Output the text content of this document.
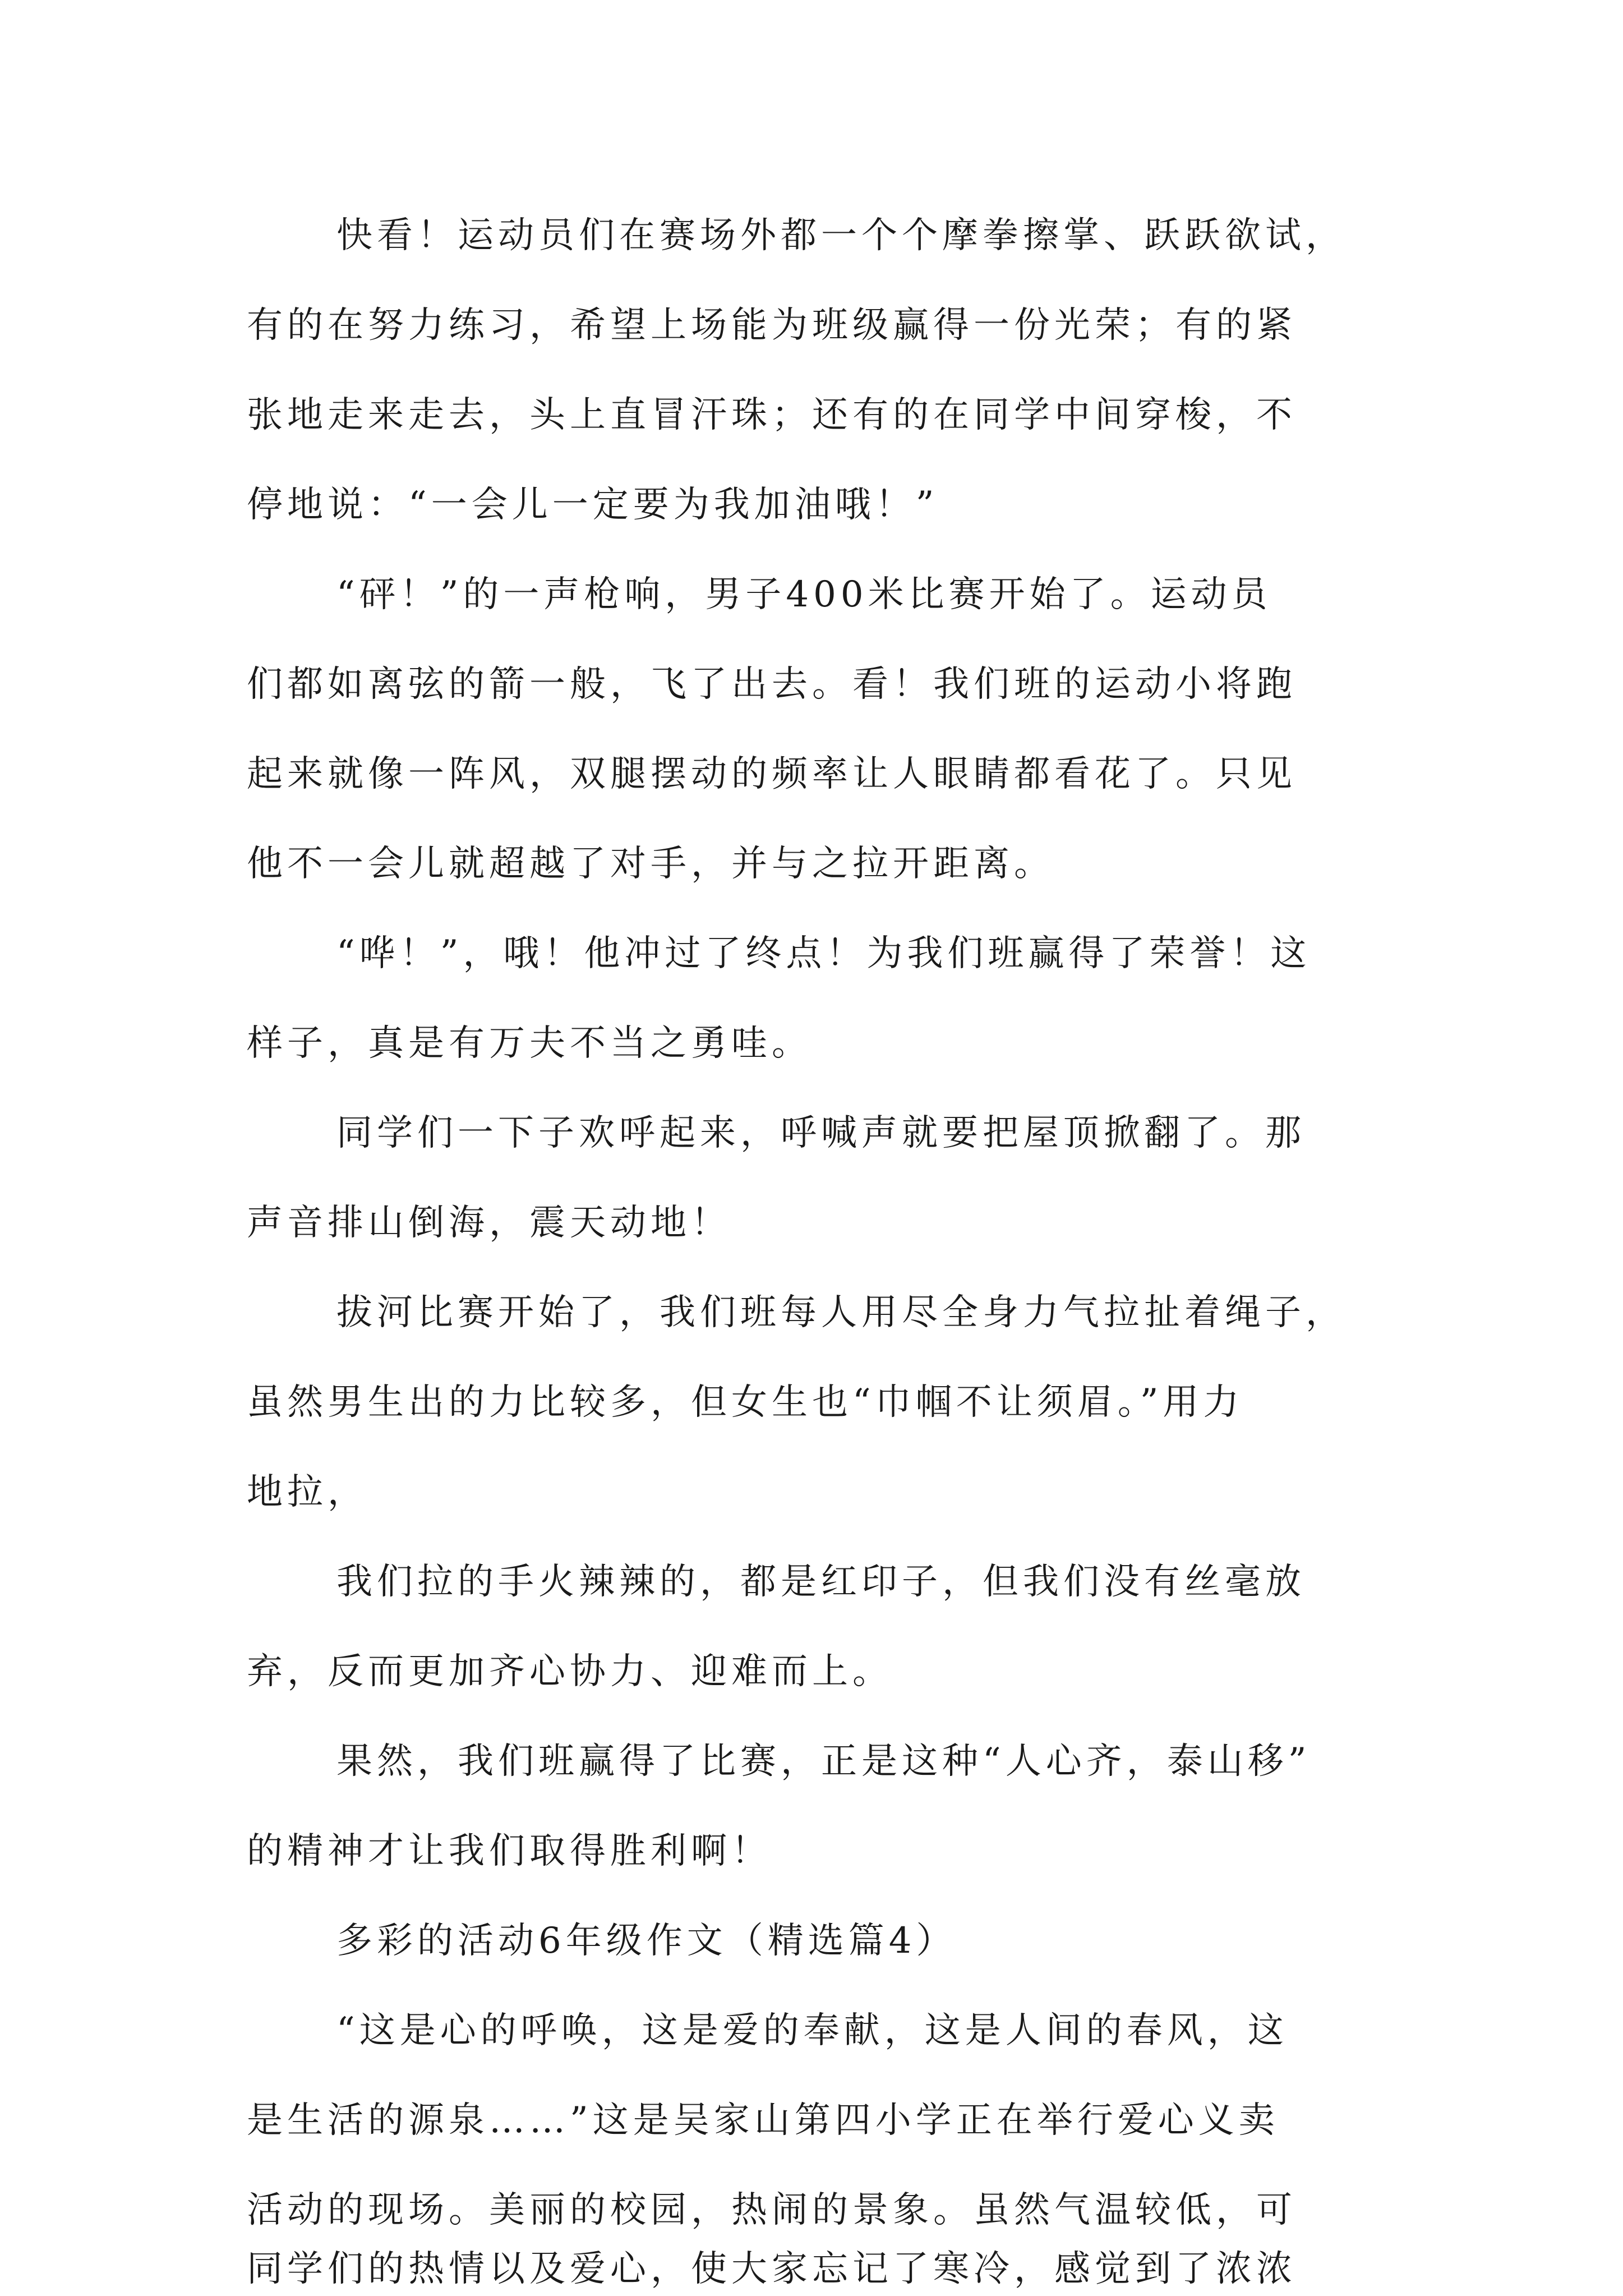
快看！运动员们在赛场外都一个个摩拳擦掌、跃跃欲试，
有的在努力练习，希望上场能为班级赢得一份光荣；有的紧
张地走来走去，头上直冒汗珠；还有的在同学中间穿梭，不
停地说：“一会儿一定要为我加油哦！”
“砰！”的一声枪响，男子400米比赛开始了。运动员
们都如离弦的箭一般，飞了出去。看！我们班的运动小将跑
起来就像一阵风，双腿摆动的频率让人眼睛都看花了。只见
他不一会儿就超越了对手，并与之拉开距离。
“哗！”，哦！他冲过了终点！为我们班赢得了荣誉！这
样子，真是有万夫不当之勇哇。
同学们一下子欢呼起来，呼喊声就要把屋顶掀翻了。那
声音排山倒海，震天动地！
拔河比赛开始了，我们班每人用尽全身力气拉扯着绳子，
虽然男生出的力比较多，但女生也“巾帼不让须眉。”用力
地拉，
我们拉的手火辣辣的，都是红印子，但我们没有丝毫放
弃，反而更加齐心协力、迎难而上。
果然，我们班赢得了比赛，正是这种“人心齐，泰山移”
的精神才让我们取得胜利啊！
多彩的活动6年级作文（精选篇4）
“这是心的呼唤，这是爱的奉献，这是人间的春风，这
是生活的源泉……”这是吴家山第四小学正在举行爱心义卖
活动的现场。美丽的校园，热闹的景象。虽然气温较低，可
同学们的热情以及爱心，使大家忘记了寒冷，感觉到了浓浓
